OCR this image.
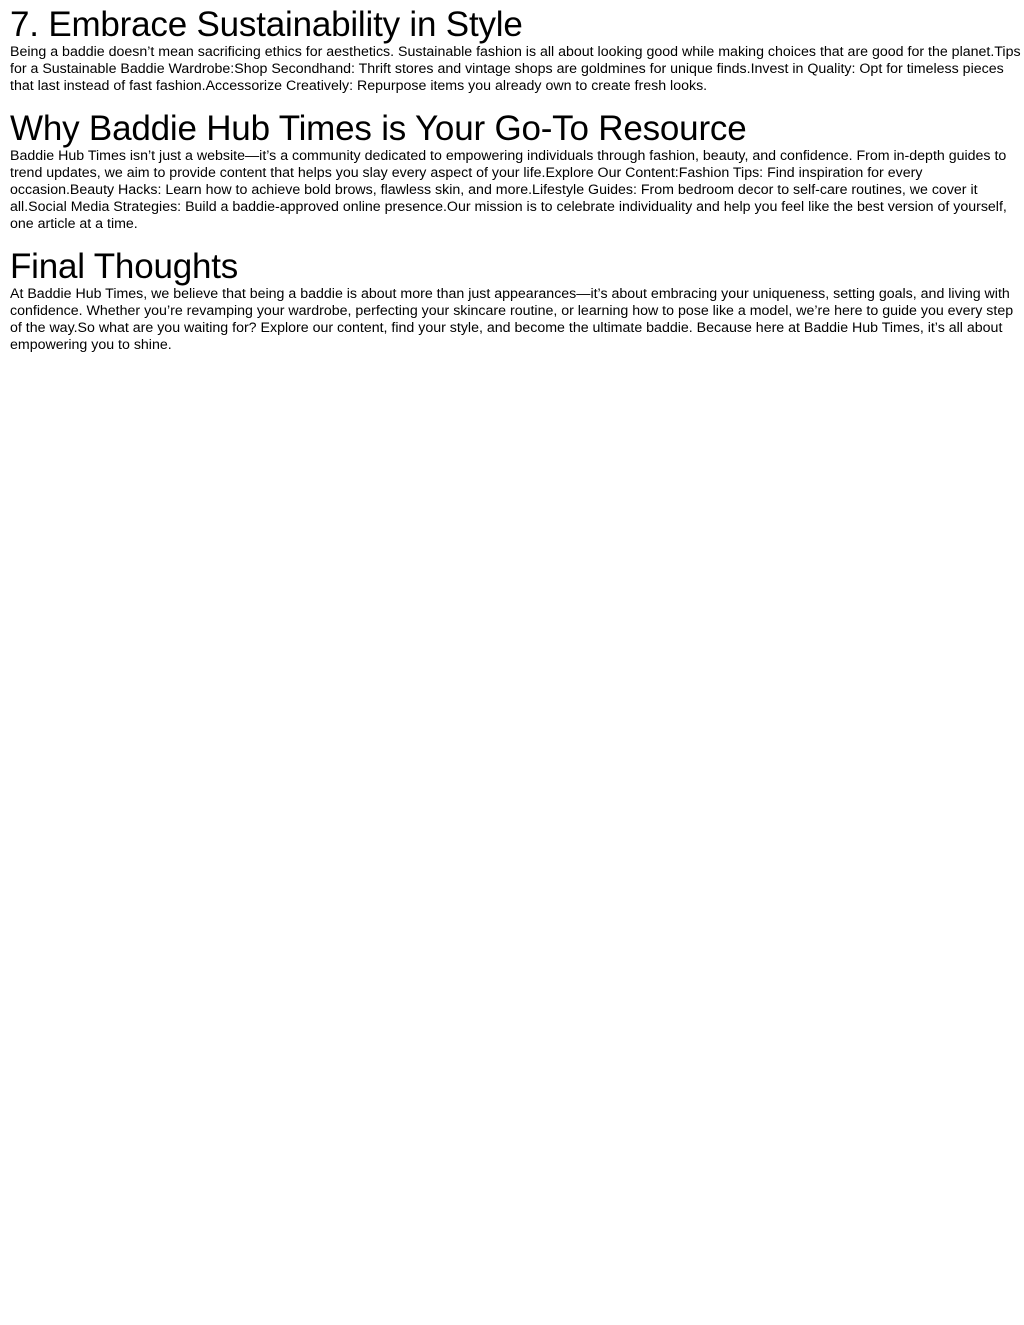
7. Embrace Sustainability in Style

Being a baddie doesn’t mean sacrificing ethics for aesthetics. Sustainable fashion is all about looking good while making choices that are good for the planet.Tips for a Sustainable Baddie Wardrobe:Shop Secondhand: Thrift stores and vintage shops are goldmines for unique finds.Invest in Quality: Opt for timeless pieces that last instead of fast fashion.Accessorize Creatively: Repurpose items you already own to create fresh looks.

Why Baddie Hub Times is Your Go-To Resource

Baddie Hub Times isn’t just a website—it’s a community dedicated to empowering individuals through fashion, beauty, and confidence. From in-depth guides to trend updates, we aim to provide content that helps you slay every aspect of your life.Explore Our Content:Fashion Tips: Find inspiration for every occasion.Beauty Hacks: Learn how to achieve bold brows, flawless skin, and more.Lifestyle Guides: From bedroom decor to self-care routines, we cover it all.Social Media Strategies: Build a baddie-approved online presence.Our mission is to celebrate individuality and help you feel like the best version of yourself, one article at a time.

Final Thoughts

At Baddie Hub Times, we believe that being a baddie is about more than just appearances—it’s about embracing your uniqueness, setting goals, and living with confidence. Whether you’re revamping your wardrobe, perfecting your skincare routine, or learning how to pose like a model, we’re here to guide you every step of the way.So what are you waiting for? Explore our content, find your style, and become the ultimate baddie. Because here at Baddie Hub Times, it’s all about empowering you to shine.
